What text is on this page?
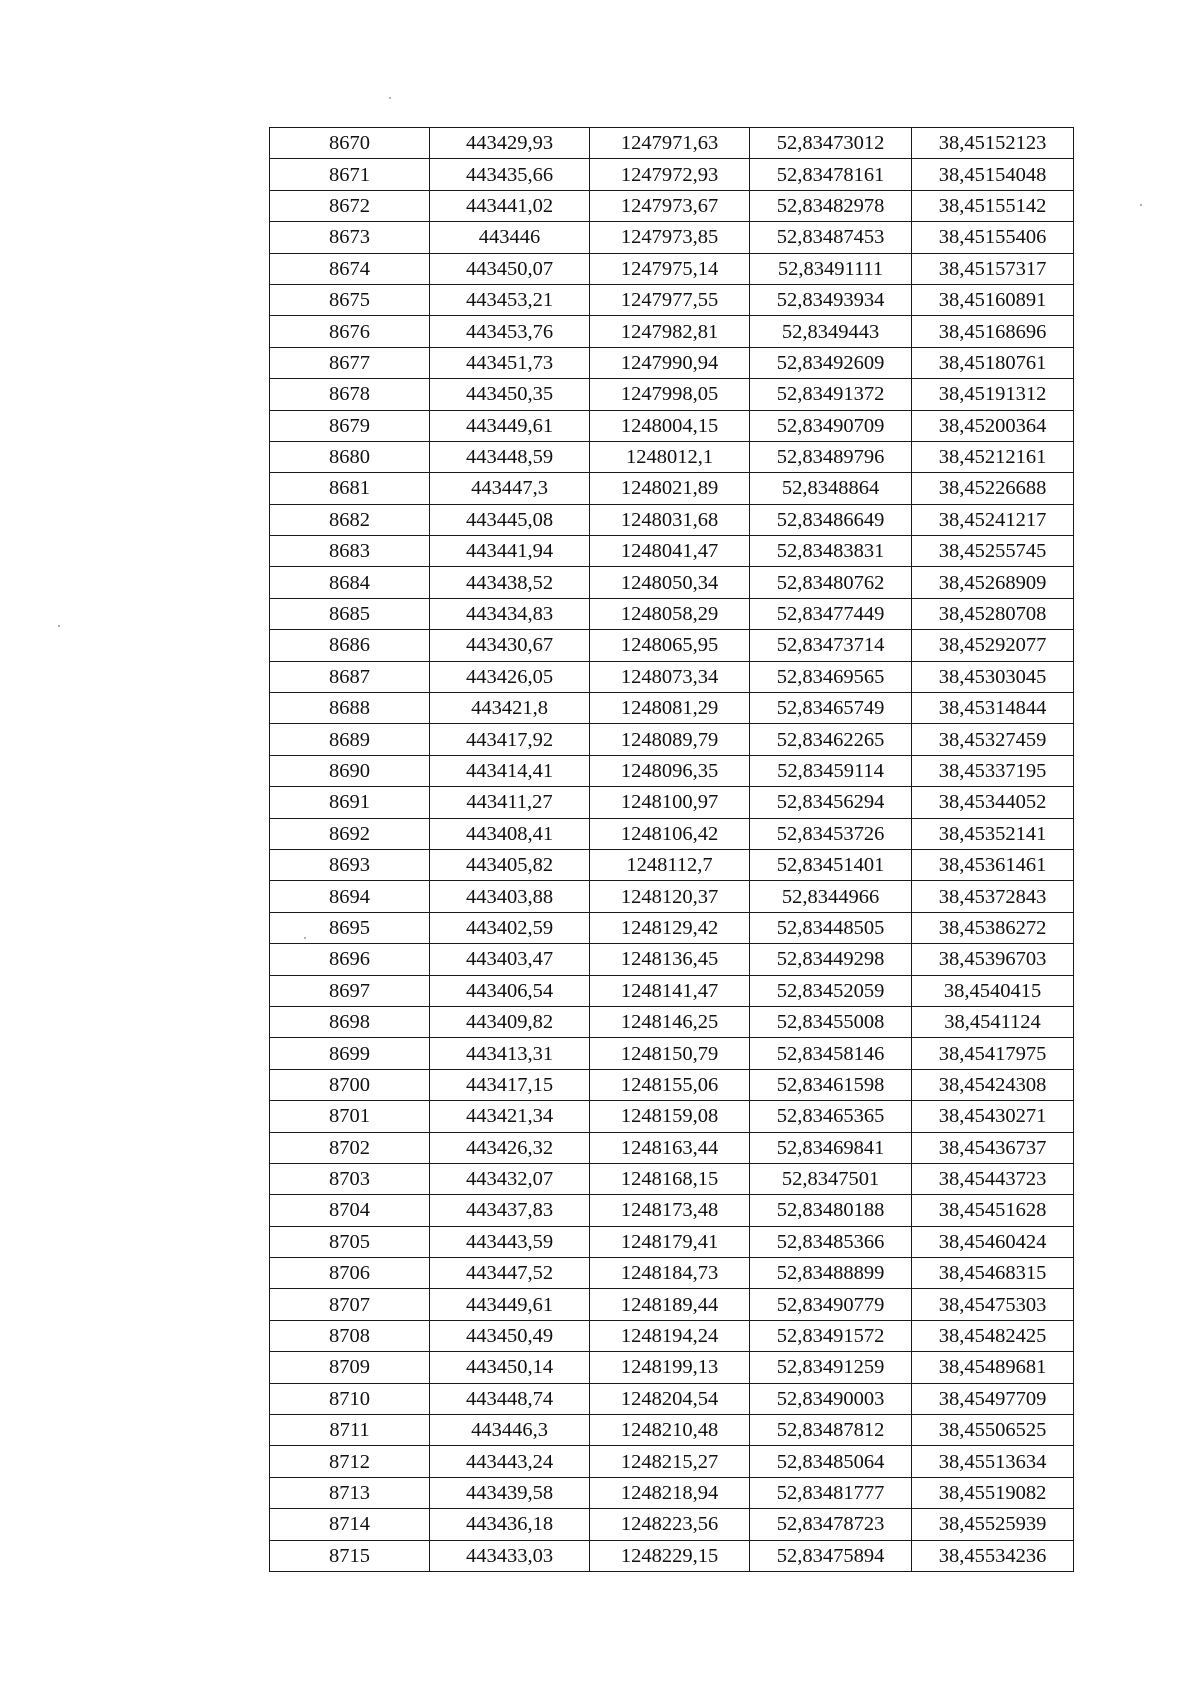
8670	443429,93	1247971,63	52,83473012	38,45152123
8671	443435,66	1247972,93	52,83478161	38,45154048
8672	443441,02	1247973,67	52,83482978	38,45155142
8673	443446	1247973,85	52,83487453	38,45155406
8674	443450,07	1247975,14	52,83491111	38,45157317
8675	443453,21	1247977,55	52,83493934	38,45160891
8676	443453,76	1247982,81	52,8349443	38,45168696
8677	443451,73	1247990,94	52,83492609	38,45180761
8678	443450,35	1247998,05	52,83491372	38,45191312
8679	443449,61	1248004,15	52,83490709	38,45200364
8680	443448,59	1248012,1	52,83489796	38,45212161
8681	443447,3	1248021,89	52,8348864	38,45226688
8682	443445,08	1248031,68	52,83486649	38,45241217
8683	443441,94	1248041,47	52,83483831	38,45255745
8684	443438,52	1248050,34	52,83480762	38,45268909
8685	443434,83	1248058,29	52,83477449	38,45280708
8686	443430,67	1248065,95	52,83473714	38,45292077
8687	443426,05	1248073,34	52,83469565	38,45303045
8688	443421,8	1248081,29	52,83465749	38,45314844
8689	443417,92	1248089,79	52,83462265	38,45327459
8690	443414,41	1248096,35	52,83459114	38,45337195
8691	443411,27	1248100,97	52,83456294	38,45344052
8692	443408,41	1248106,42	52,83453726	38,45352141
8693	443405,82	1248112,7	52,83451401	38,45361461
8694	443403,88	1248120,37	52,8344966	38,45372843
8695	443402,59	1248129,42	52,83448505	38,45386272
8696	443403,47	1248136,45	52,83449298	38,45396703
8697	443406,54	1248141,47	52,83452059	38,4540415
8698	443409,82	1248146,25	52,83455008	38,4541124
8699	443413,31	1248150,79	52,83458146	38,45417975
8700	443417,15	1248155,06	52,83461598	38,45424308
8701	443421,34	1248159,08	52,83465365	38,45430271
8702	443426,32	1248163,44	52,83469841	38,45436737
8703	443432,07	1248168,15	52,8347501	38,45443723
8704	443437,83	1248173,48	52,83480188	38,45451628
8705	443443,59	1248179,41	52,83485366	38,45460424
8706	443447,52	1248184,73	52,83488899	38,45468315
8707	443449,61	1248189,44	52,83490779	38,45475303
8708	443450,49	1248194,24	52,83491572	38,45482425
8709	443450,14	1248199,13	52,83491259	38,45489681
8710	443448,74	1248204,54	52,83490003	38,45497709
8711	443446,3	1248210,48	52,83487812	38,45506525
8712	443443,24	1248215,27	52,83485064	38,45513634
8713	443439,58	1248218,94	52,83481777	38,45519082
8714	443436,18	1248223,56	52,83478723	38,45525939
8715	443433,03	1248229,15	52,83475894	38,45534236
